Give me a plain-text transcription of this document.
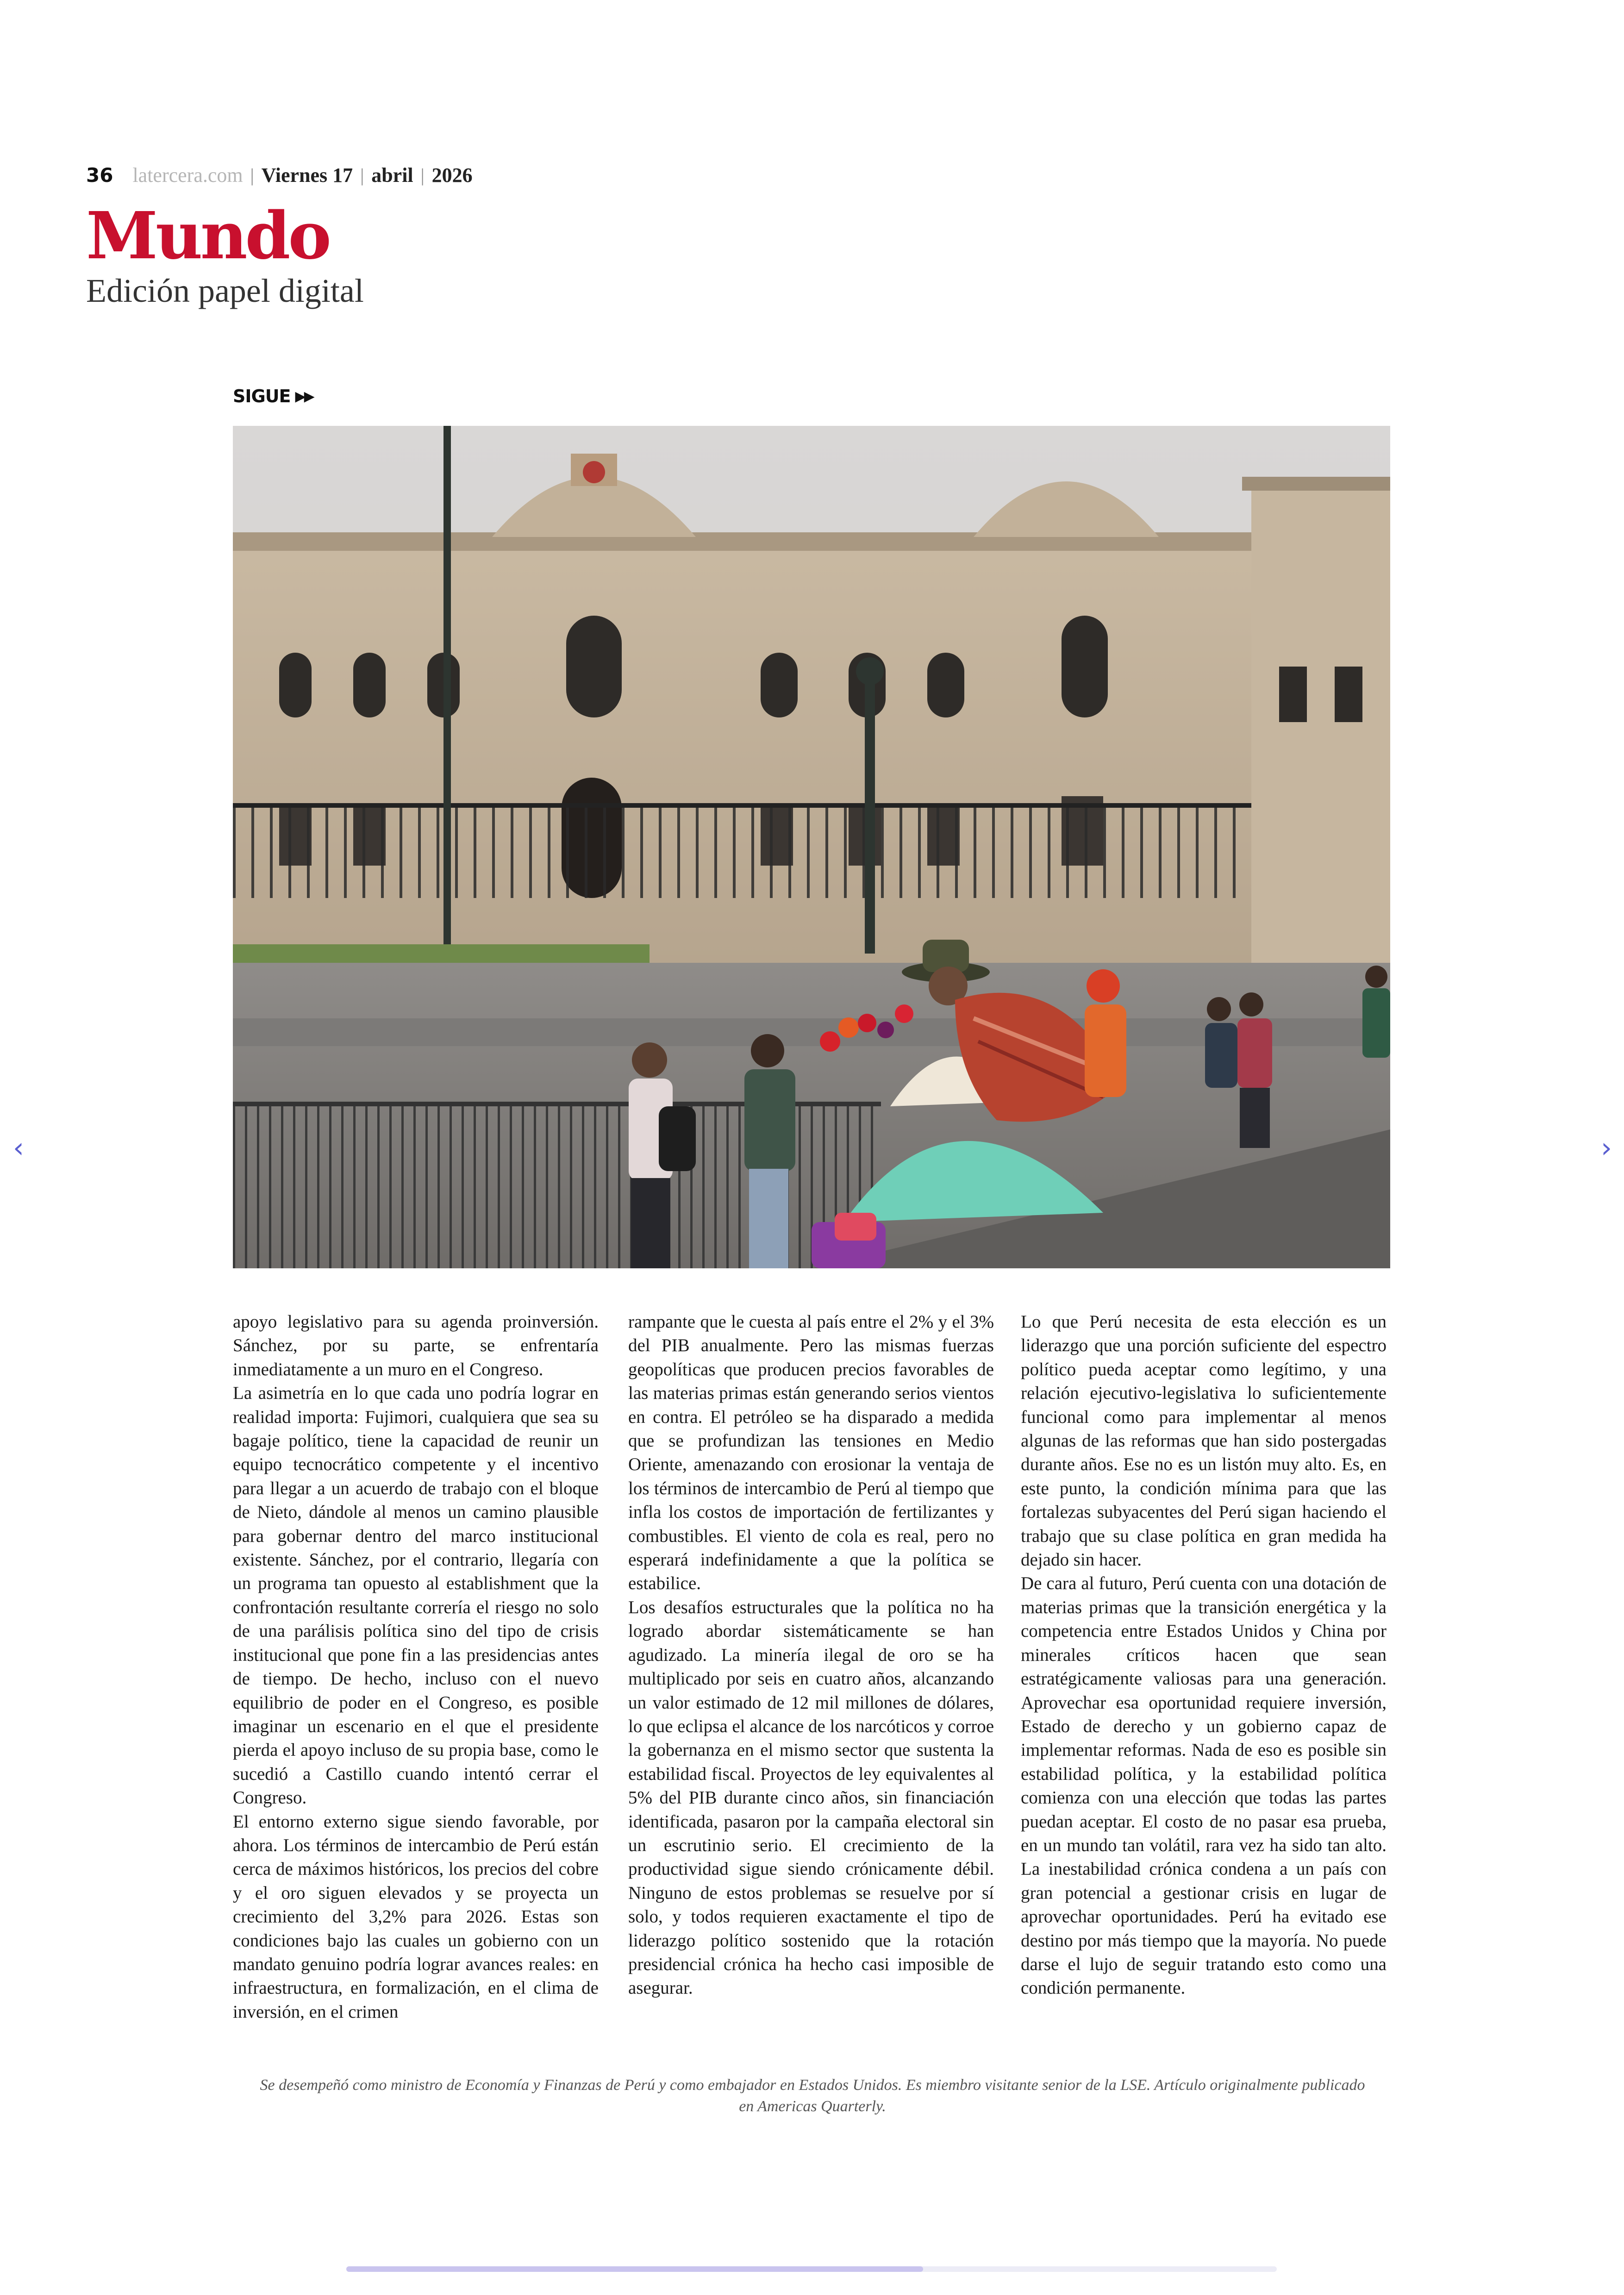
36 latercera.com | Viernes 17 | abril | 2026
Mundo
Edición papel digital
SIGUE ▶▶

apoyo legislativo para su agenda proinversión. Sánchez, por su parte, se enfrentaría inmediatamente a un muro en el Congreso.

La asimetría en lo que cada uno podría lograr en realidad importa: Fujimori, cualquiera que sea su bagaje político, tiene la capacidad de reunir un equipo tecnocrático competente y el incentivo para llegar a un acuerdo de trabajo con el bloque de Nieto, dándole al menos un camino plausible para gobernar dentro del marco institucional existente. Sánchez, por el contrario, llegaría con un programa tan opuesto al establishment que la confrontación resultante correría el riesgo no solo de una parálisis política sino del tipo de crisis institucional que pone fin a las presidencias antes de tiempo. De hecho, incluso con el nuevo equilibrio de poder en el Congreso, es posible imaginar un escenario en el que el presidente pierda el apoyo incluso de su propia base, como le sucedió a Castillo cuando intentó cerrar el Congreso.

El entorno externo sigue siendo favorable, por ahora. Los términos de intercambio de Perú están cerca de máximos históricos, los precios del cobre y el oro siguen elevados y se proyecta un crecimiento del 3,2% para 2026. Estas son condiciones bajo las cuales un gobierno con un mandato genuino podría lograr avances reales: en infraestructura, en formalización, en el clima de inversión, en el crimen

rampante que le cuesta al país entre el 2% y el 3% del PIB anualmente. Pero las mismas fuerzas geopolíticas que producen precios favorables de las materias primas están generando serios vientos en contra. El petróleo se ha disparado a medida que se profundizan las tensiones en Medio Oriente, amenazando con erosionar la ventaja de los términos de intercambio de Perú al tiempo que infla los costos de importación de fertilizantes y combustibles. El viento de cola es real, pero no esperará indefinidamente a que la política se estabilice.

Los desafíos estructurales que la política no ha logrado abordar sistemáticamente se han agudizado. La minería ilegal de oro se ha multiplicado por seis en cuatro años, alcanzando un valor estimado de 12 mil millones de dólares, lo que eclipsa el alcance de los narcóticos y corroe la gobernanza en el mismo sector que sustenta la estabilidad fiscal. Proyectos de ley equivalentes al 5% del PIB durante cinco años, sin financiación identificada, pasaron por la campaña electoral sin un escrutinio serio. El crecimiento de la productividad sigue siendo crónicamente débil. Ninguno de estos problemas se resuelve por sí solo, y todos requieren exactamente el tipo de liderazgo político sostenido que la rotación presidencial crónica ha hecho casi imposible de asegurar.

Lo que Perú necesita de esta elección es un liderazgo que una porción suficiente del espectro político pueda aceptar como legítimo, y una relación ejecutivo-legislativa lo suficientemente funcional como para implementar al menos algunas de las reformas que han sido postergadas durante años. Ese no es un listón muy alto. Es, en este punto, la condición mínima para que las fortalezas subyacentes del Perú sigan haciendo el trabajo que su clase política en gran medida ha dejado sin hacer.

De cara al futuro, Perú cuenta con una dotación de materias primas que la transición energética y la competencia entre Estados Unidos y China por minerales críticos hacen que sean estratégicamente valiosas para una generación. Aprovechar esa oportunidad requiere inversión, Estado de derecho y un gobierno capaz de implementar reformas. Nada de eso es posible sin estabilidad política, y la estabilidad política comienza con una elección que todas las partes puedan aceptar. El costo de no pasar esa prueba, en un mundo tan volátil, rara vez ha sido tan alto. La inestabilidad crónica condena a un país con gran potencial a gestionar crisis en lugar de aprovechar oportunidades. Perú ha evitado ese destino por más tiempo que la mayoría. No puede darse el lujo de seguir tratando esto como una condición permanente.

Se desempeñó como ministro de Economía y Finanzas de Perú y como embajador en Estados Unidos. Es miembro visitante senior de la LSE. Artículo originalmente publicado en Americas Quarterly.
‹	›
